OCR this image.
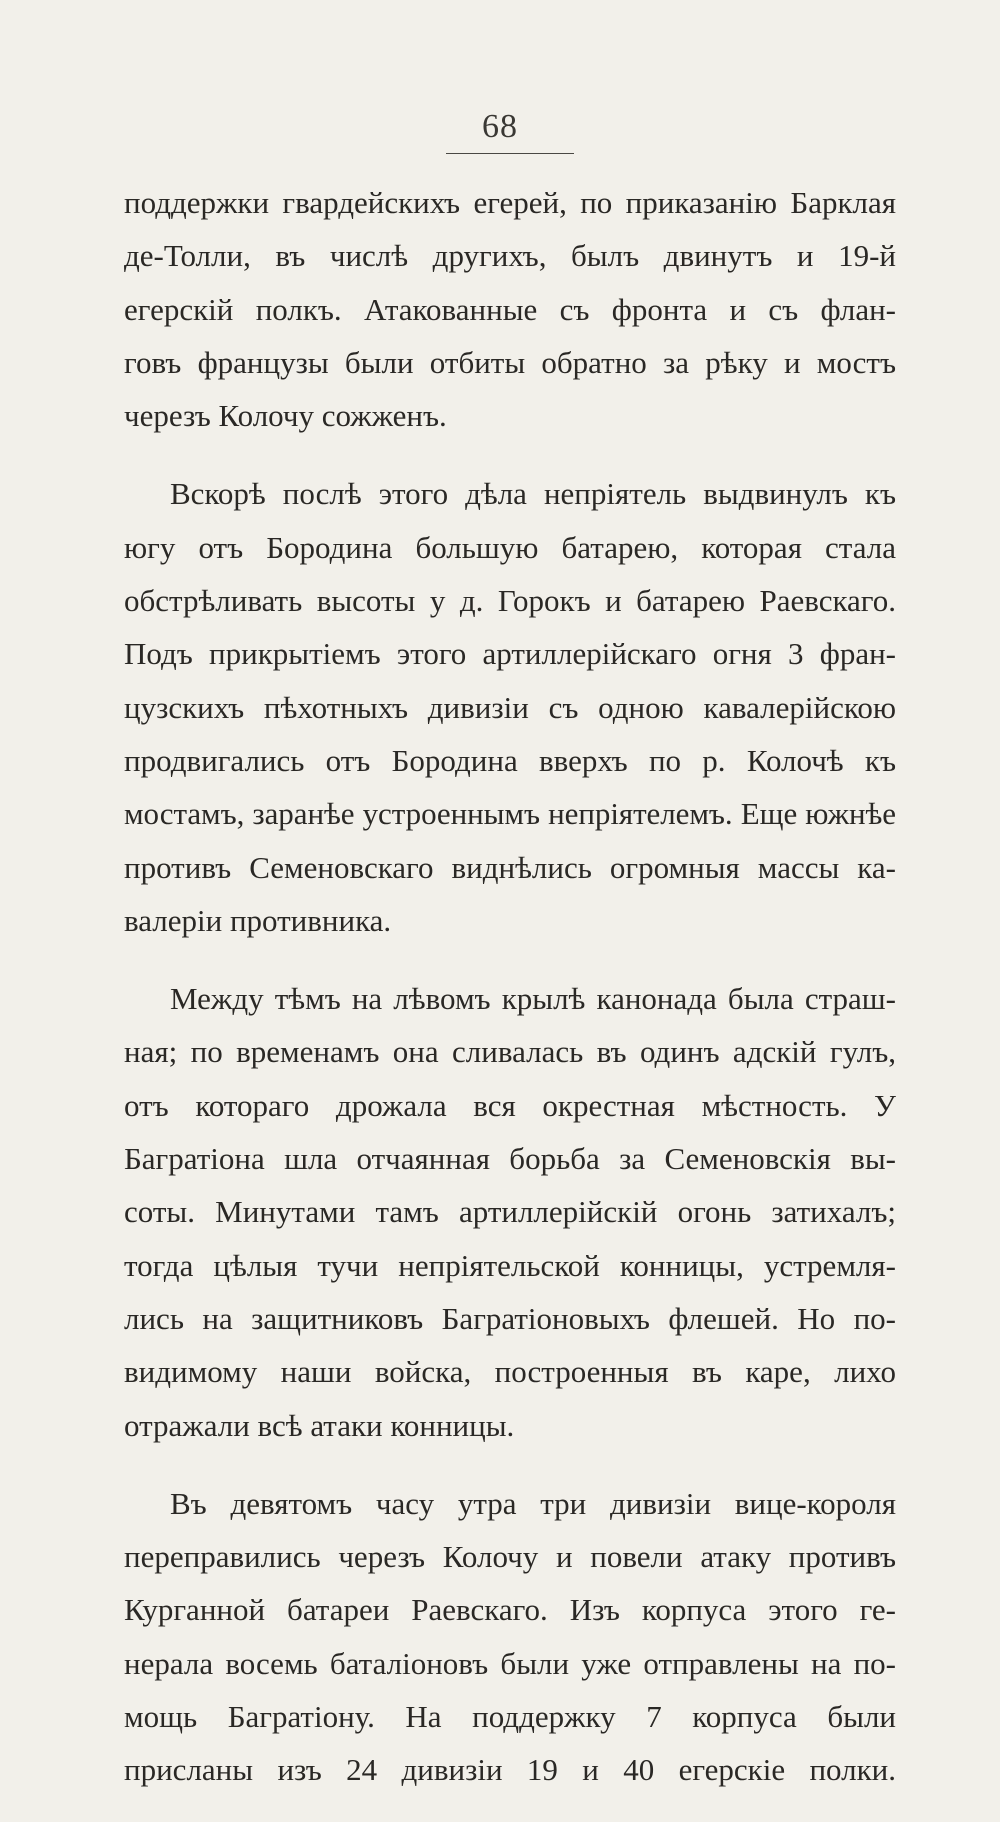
68

поддержки гвардейскихъ егерей, по приказанію Барклая
де-Толли, въ числѣ другихъ, былъ двинутъ и 19-й
егерскій полкъ. Атакованные съ фронта и съ флан-
говъ французы были отбиты обратно за рѣку и мостъ
черезъ Колочу сожженъ.

Вскорѣ послѣ этого дѣла непріятель выдвинулъ къ
югу отъ Бородина большую батарею, которая стала
обстрѣливать высоты у д. Горокъ и батарею Раевскаго.
Подъ прикрытіемъ этого артиллерійскаго огня 3 фран-
цузскихъ пѣхотныхъ дивизіи съ одною кавалерійскою
продвигались отъ Бородина вверхъ по р. Колочѣ къ
мостамъ, заранѣе устроеннымъ непріятелемъ. Еще южнѣе
противъ Семеновскаго виднѣлись огромныя массы ка-
валеріи противника.

Между тѣмъ на лѣвомъ крылѣ канонада была страш-
ная; по временамъ она сливалась въ одинъ адскій гулъ,
отъ котораго дрожала вся окрестная мѣстность. У
Багратіона шла отчаянная борьба за Семеновскія вы-
соты. Минутами тамъ артиллерійскій огонь затихалъ;
тогда цѣлыя тучи непріятельской конницы, устремля-
лись на защитниковъ Багратіоновыхъ флешей. Но по-
видимому наши войска, построенныя въ каре, лихо
отражали всѣ атаки конницы.

Въ девятомъ часу утра три дивизіи вице-короля
переправились черезъ Колочу и повели атаку противъ
Курганной батареи Раевскаго. Изъ корпуса этого ге-
нерала восемь баталіоновъ были уже отправлены на по-
мощь Багратіону. На поддержку 7 корпуса были
присланы изъ 24 дивизіи 19 и 40 егерскіе полки.
